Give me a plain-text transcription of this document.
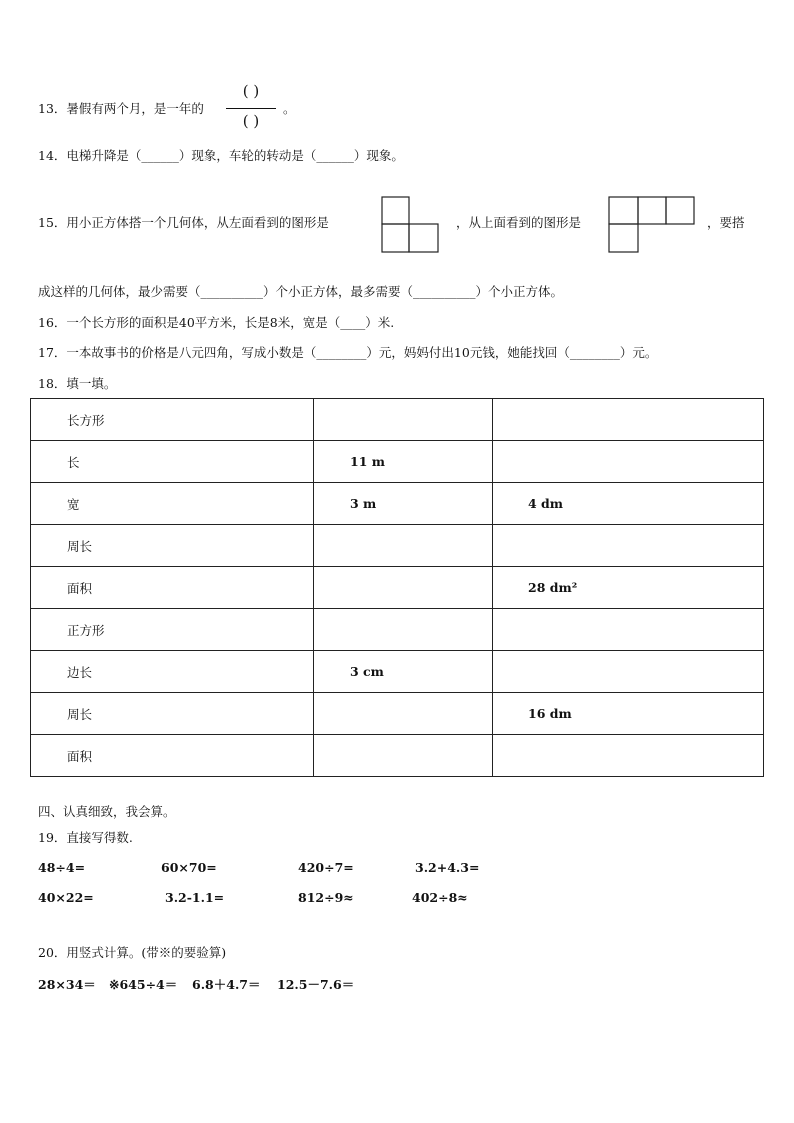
13．暑假有两个月，是一年的
( )
( )
。
14．电梯升降是（______）现象，车轮的转动是（______）现象。
15．用小正方体搭一个几何体，从左面看到的图形是	，从上面看到的图形是	，要搭
成这样的几何体，最少需要（__________）个小正方体，最多需要（__________）个小正方体。
16．一个长方形的面积是40平方米，长是8米，宽是（____）米.
17．一本故事书的价格是八元四角，写成小数是（________）元，妈妈付出10元钱，她能找回（________）元。
18．填一填。
长方形		
长	11 m	
宽	3 m	4 dm
周长		
面积		28 dm²
正方形		
边长	3 cm	
周长		16 dm
面积		
四、认真细致，我会算。
19．直接写得数.
48÷4=	60×70=	420÷7=	3.2+4.3=
40×22=	3.2-1.1=	812÷9≈	402÷8≈
20．用竖式计算。(带※的要验算)
28×34＝ ※645÷4＝ 6.8＋4.7＝ 12.5－7.6＝
